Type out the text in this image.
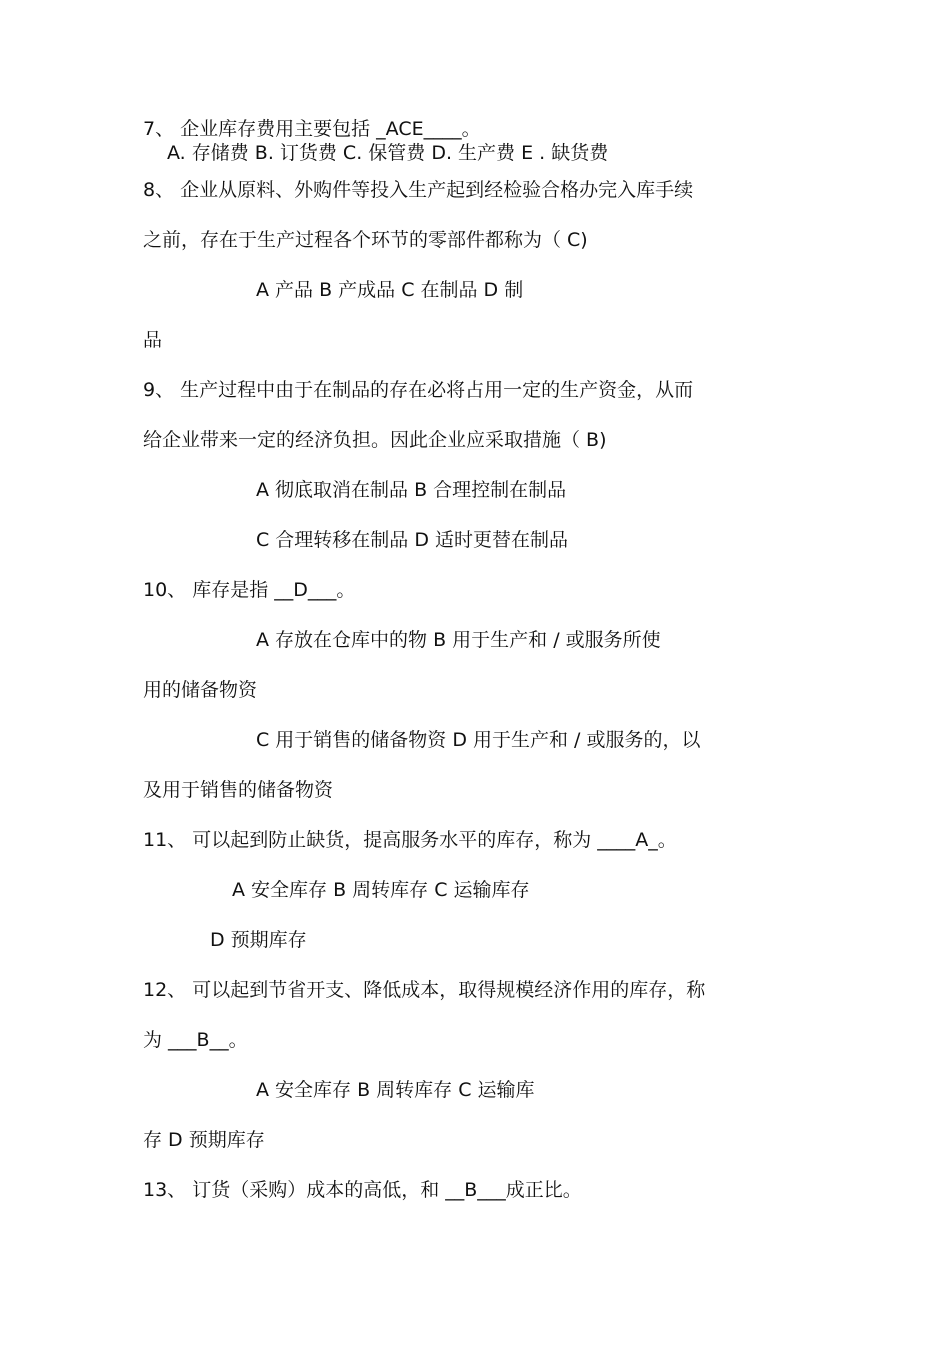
7、 企业库存费用主要包括 _ACE____。
A. 存储费 B. 订货费 C. 保管费 D. 生产费 E . 缺货费
8、 企业从原料、外购件等投入生产起到经检验合格办完入库手续
之前，存在于生产过程各个环节的零部件都称为（ C)
A 产品 B 产成品 C 在制品 D 制
品
9、 生产过程中由于在制品的存在必将占用一定的生产资金，从而
给企业带来一定的经济负担。因此企业应采取措施（ B)
A 彻底取消在制品 B 合理控制在制品
C 合理转移在制品 D 适时更替在制品
10、 库存是指 __D___。
A 存放在仓库中的物 B 用于生产和 / 或服务所使
用的储备物资
C 用于销售的储备物资 D 用于生产和 / 或服务的，以
及用于销售的储备物资
11、 可以起到防止缺货，提高服务水平的库存，称为 ____A_。
A 安全库存 B 周转库存 C 运输库存
D 预期库存
12、 可以起到节省开支、降低成本，取得规模经济作用的库存，称
为 ___B__。
A 安全库存 B 周转库存 C 运输库
存 D 预期库存
13、 订货（采购）成本的高低，和 __B___成正比。
